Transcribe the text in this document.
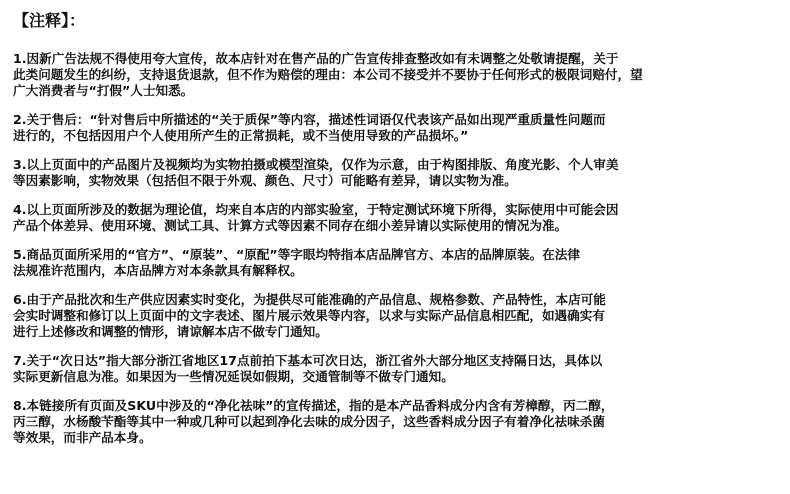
【注释】：
1.因新广告法规不得使用夸大宣传，故本店针对在售产品的广告宣传排查整改如有未调整之处敬请提醒，关于
此类问题发生的纠纷，支持退货退款，但不作为赔偿的理由：本公司不接受并不要协于任何形式的极限词赔付，望
广大消费者与“打假”人士知悉。
2.关于售后：“针对售后中所描述的“关于质保”等内容，描述性词语仅代表该产品如出现严重质量性问题而
进行的，不包括因用户个人使用所产生的正常损耗，或不当使用导致的产品损坏。”
3.以上页面中的产品图片及视频均为实物拍摄或模型渲染，仅作为示意，由于构图排版、角度光影、个人审美
等因素影响，实物效果（包括但不限于外观、颜色、尺寸）可能略有差异，请以实物为准。
4.以上页面所涉及的数据为理论值，均来自本店的内部实验室，于特定测试环境下所得，实际使用中可能会因
产品个体差异、使用环境、测试工具、计算方式等因素不同存在细小差异请以实际使用的情况为准。
5.商品页面所采用的“官方”、“原装”、“原配”等字眼均特指本店品牌官方、本店的品牌原装。在法律
法规准许范围内，本店品牌方对本条款具有解释权。
6.由于产品批次和生产供应因素实时变化，为提供尽可能准确的产品信息、规格参数、产品特性，本店可能
会实时调整和修订以上页面中的文字表述、图片展示效果等内容，以求与实际产品信息相匹配，如遇确实有
进行上述修改和调整的情形，请谅解本店不做专门通知。
7.关于“次日达”指大部分浙江省地区17点前拍下基本可次日达，浙江省外大部分地区支持隔日达，具体以
实际更新信息为准。如果因为一些情况延误如假期，交通管制等不做专门通知。
8.本链接所有页面及SKU中涉及的“净化祛味”的宣传描述，指的是本产品香料成分内含有芳樟醇，丙二醇，
丙三醇，水杨酸苄酯等其中一种或几种可以起到净化去味的成分因子，这些香料成分因子有着净化祛味杀菌
等效果，而非产品本身。
